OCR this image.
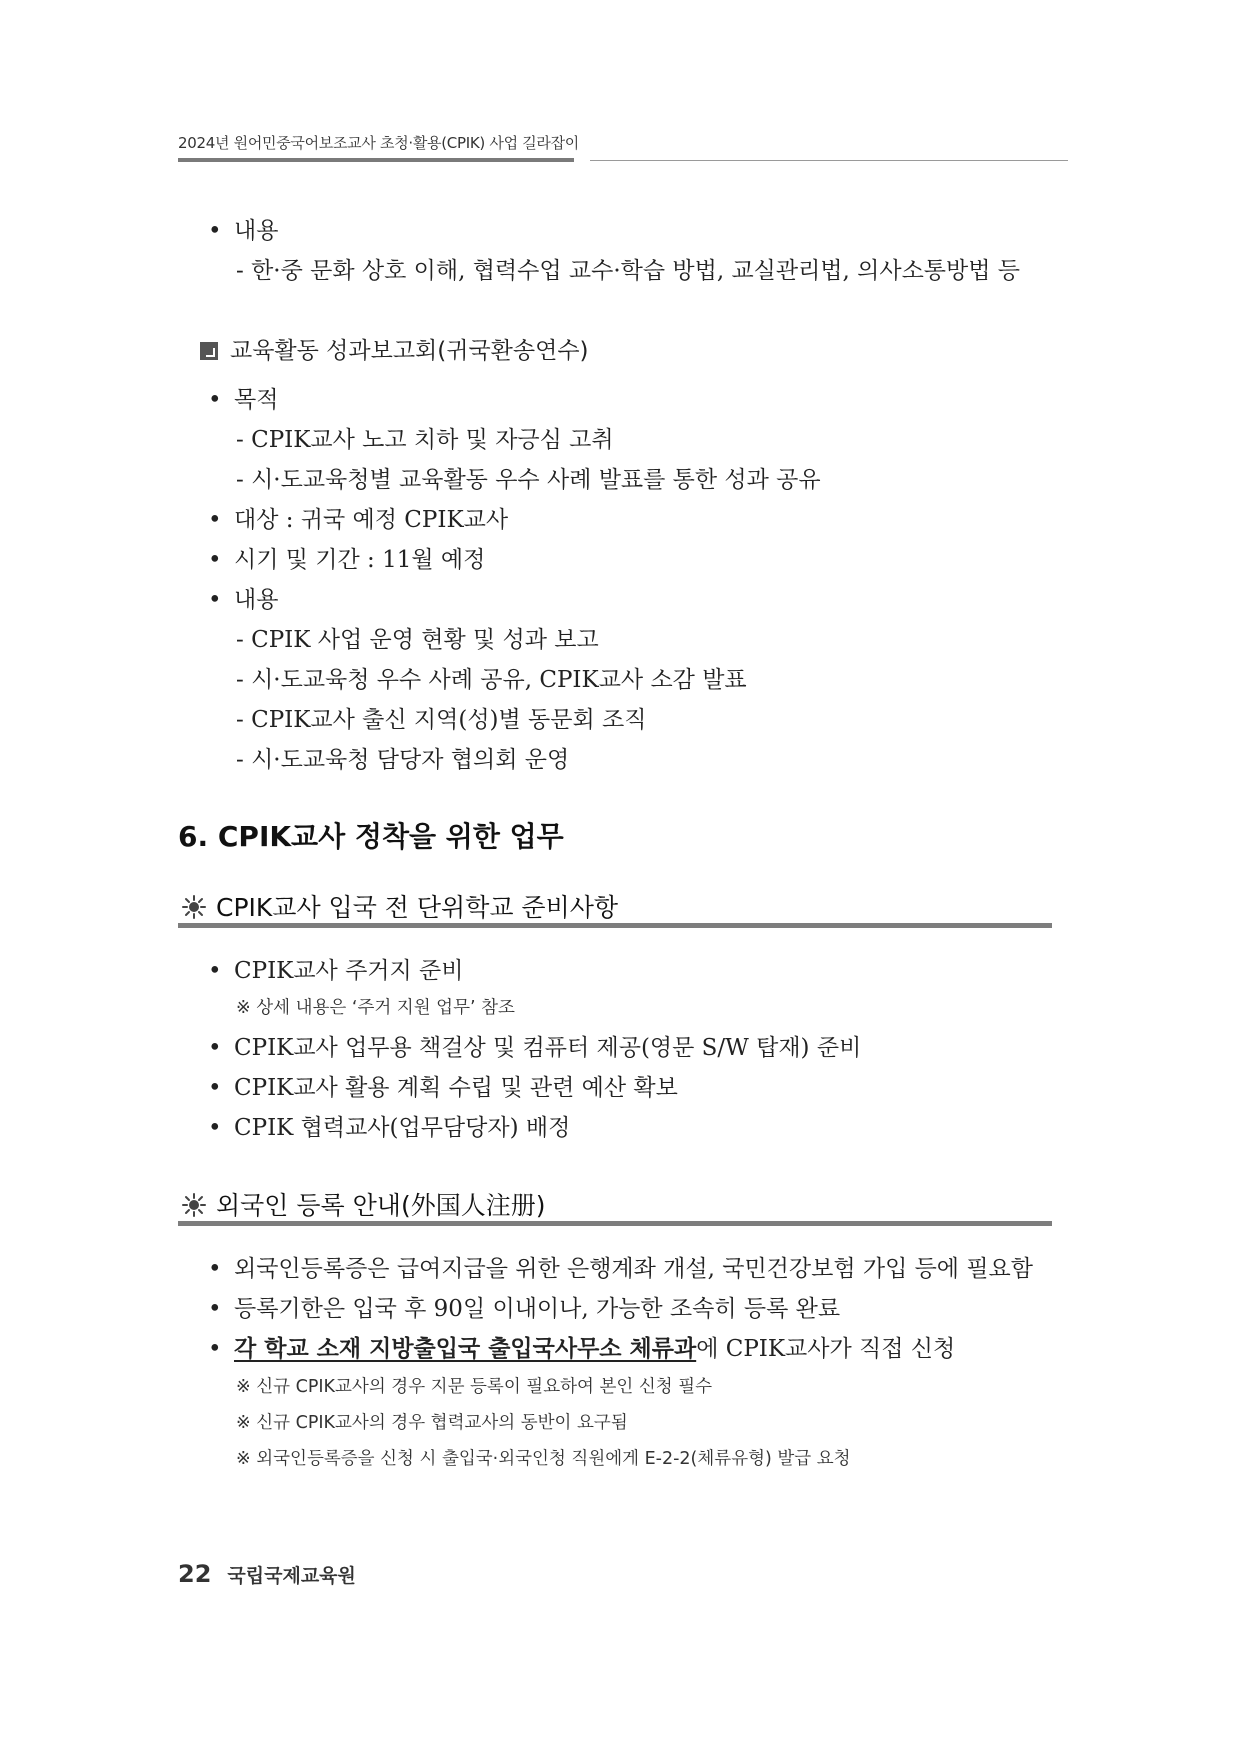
2024년 원어민중국어보조교사 초청·활용(CPIK) 사업 길라잡이
• 내용
- 한·중 문화 상호 이해, 협력수업 교수·학습 방법, 교실관리법, 의사소통방법 등
교육활동 성과보고회(귀국환송연수)
• 목적
- CPIK교사 노고 치하 및 자긍심 고취
- 시·도교육청별 교육활동 우수 사례 발표를 통한 성과 공유
• 대상 : 귀국 예정 CPIK교사
• 시기 및 기간 : 11월 예정
• 내용
- CPIK 사업 운영 현황 및 성과 보고
- 시·도교육청 우수 사례 공유, CPIK교사 소감 발표
- CPIK교사 출신 지역(성)별 동문회 조직
- 시·도교육청 담당자 협의회 운영
6. CPIK교사 정착을 위한 업무
CPIK교사 입국 전 단위학교 준비사항
• CPIK교사 주거지 준비
※ 상세 내용은 ‘주거 지원 업무’ 참조
• CPIK교사 업무용 책걸상 및 컴퓨터 제공(영문 S/W 탑재) 준비
• CPIK교사 활용 계획 수립 및 관련 예산 확보
• CPIK 협력교사(업무담당자) 배정
외국인 등록 안내(外国人注册)
• 외국인등록증은 급여지급을 위한 은행계좌 개설, 국민건강보험 가입 등에 필요함
• 등록기한은 입국 후 90일 이내이나, 가능한 조속히 등록 완료
• 각 학교 소재 지방출입국 출입국사무소 체류과에 CPIK교사가 직접 신청
※ 신규 CPIK교사의 경우 지문 등록이 필요하여 본인 신청 필수
※ 신규 CPIK교사의 경우 협력교사의 동반이 요구됨
※ 외국인등록증을 신청 시 출입국·외국인청 직원에게 E-2-2(체류유형) 발급 요청
22 국립국제교육원
